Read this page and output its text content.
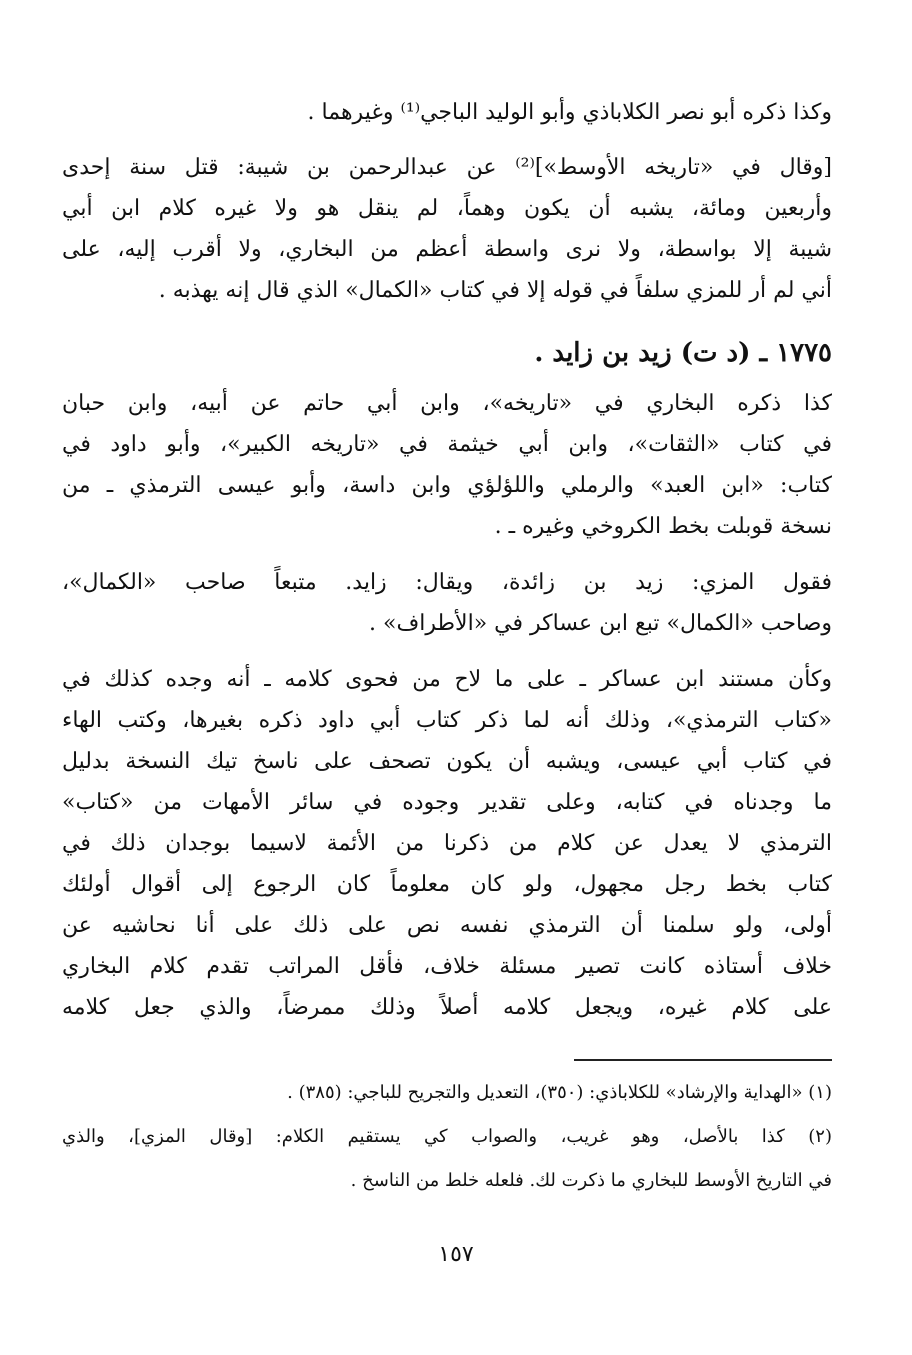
وكذا ذكره أبو نصر الكلاباذي وأبو الوليد الباجي⁽¹⁾ وغيرهما .

[وقال في «تاريخه الأوسط»]⁽²⁾ عن عبدالرحمن بن شيبة: قتل سنة إحدى

وأربعين ومائة، يشبه أن يكون وهماً، لم ينقل هو ولا غيره كلام ابن أبي

شيبة إلا بواسطة، ولا نرى واسطة أعظم من البخاري، ولا أقرب إليه، على

أني لم أر للمزي سلفاً في قوله إلا في كتاب «الكمال» الذي قال إنه يهذبه .

١٧٧٥ ـ (د ت) زيد بن زايد .

كذا ذكره البخاري في «تاريخه»، وابن أبي حاتم عن أبيه، وابن حبان

في كتاب «الثقات»، وابن أبي خيثمة في «تاريخه الكبير»، وأبو داود في

كتاب: «ابن العبد» والرملي واللؤلؤي وابن داسة، وأبو عيسى الترمذي ـ من

نسخة قوبلت بخط الكروخي وغيره ـ .

فقول المزي: زيد بن زائدة، ويقال: زايد. متبعاً صاحب «الكمال»،

وصاحب «الكمال» تبع ابن عساكر في «الأطراف» .

وكأن مستند ابن عساكر ـ على ما لاح من فحوى كلامه ـ أنه وجده كذلك في

«كتاب الترمذي»، وذلك أنه لما ذكر كتاب أبي داود ذكره بغيرها، وكتب الهاء

في كتاب أبي عيسى، ويشبه أن يكون تصحف على ناسخ تيك النسخة بدليل

ما وجدناه في كتابه، وعلى تقدير وجوده في سائر الأمهات من «كتاب»

الترمذي لا يعدل عن كلام من ذكرنا من الأئمة لاسيما بوجدان ذلك في

كتاب بخط رجل مجهول، ولو كان معلوماً كان الرجوع إلى أقوال أولئك

أولى، ولو سلمنا أن الترمذي نفسه نص على ذلك على أنا نحاشيه عن

خلاف أستاذه كانت تصير مسئلة خلاف، فأقل المراتب تقدم كلام البخاري

على كلام غيره، ويجعل كلامه أصلاً وذلك ممرضاً، والذي جعل كلامه

(١) «الهداية والإرشاد» للكلاباذي: (٣٥٠)، التعديل والتجريح للباجي: (٣٨٥) .

(٢) كذا بالأصل، وهو غريب، والصواب كي يستقيم الكلام: [وقال المزي]، والذي

في التاريخ الأوسط للبخاري ما ذكرت لك. فلعله خلط من الناسخ .

١٥٧
